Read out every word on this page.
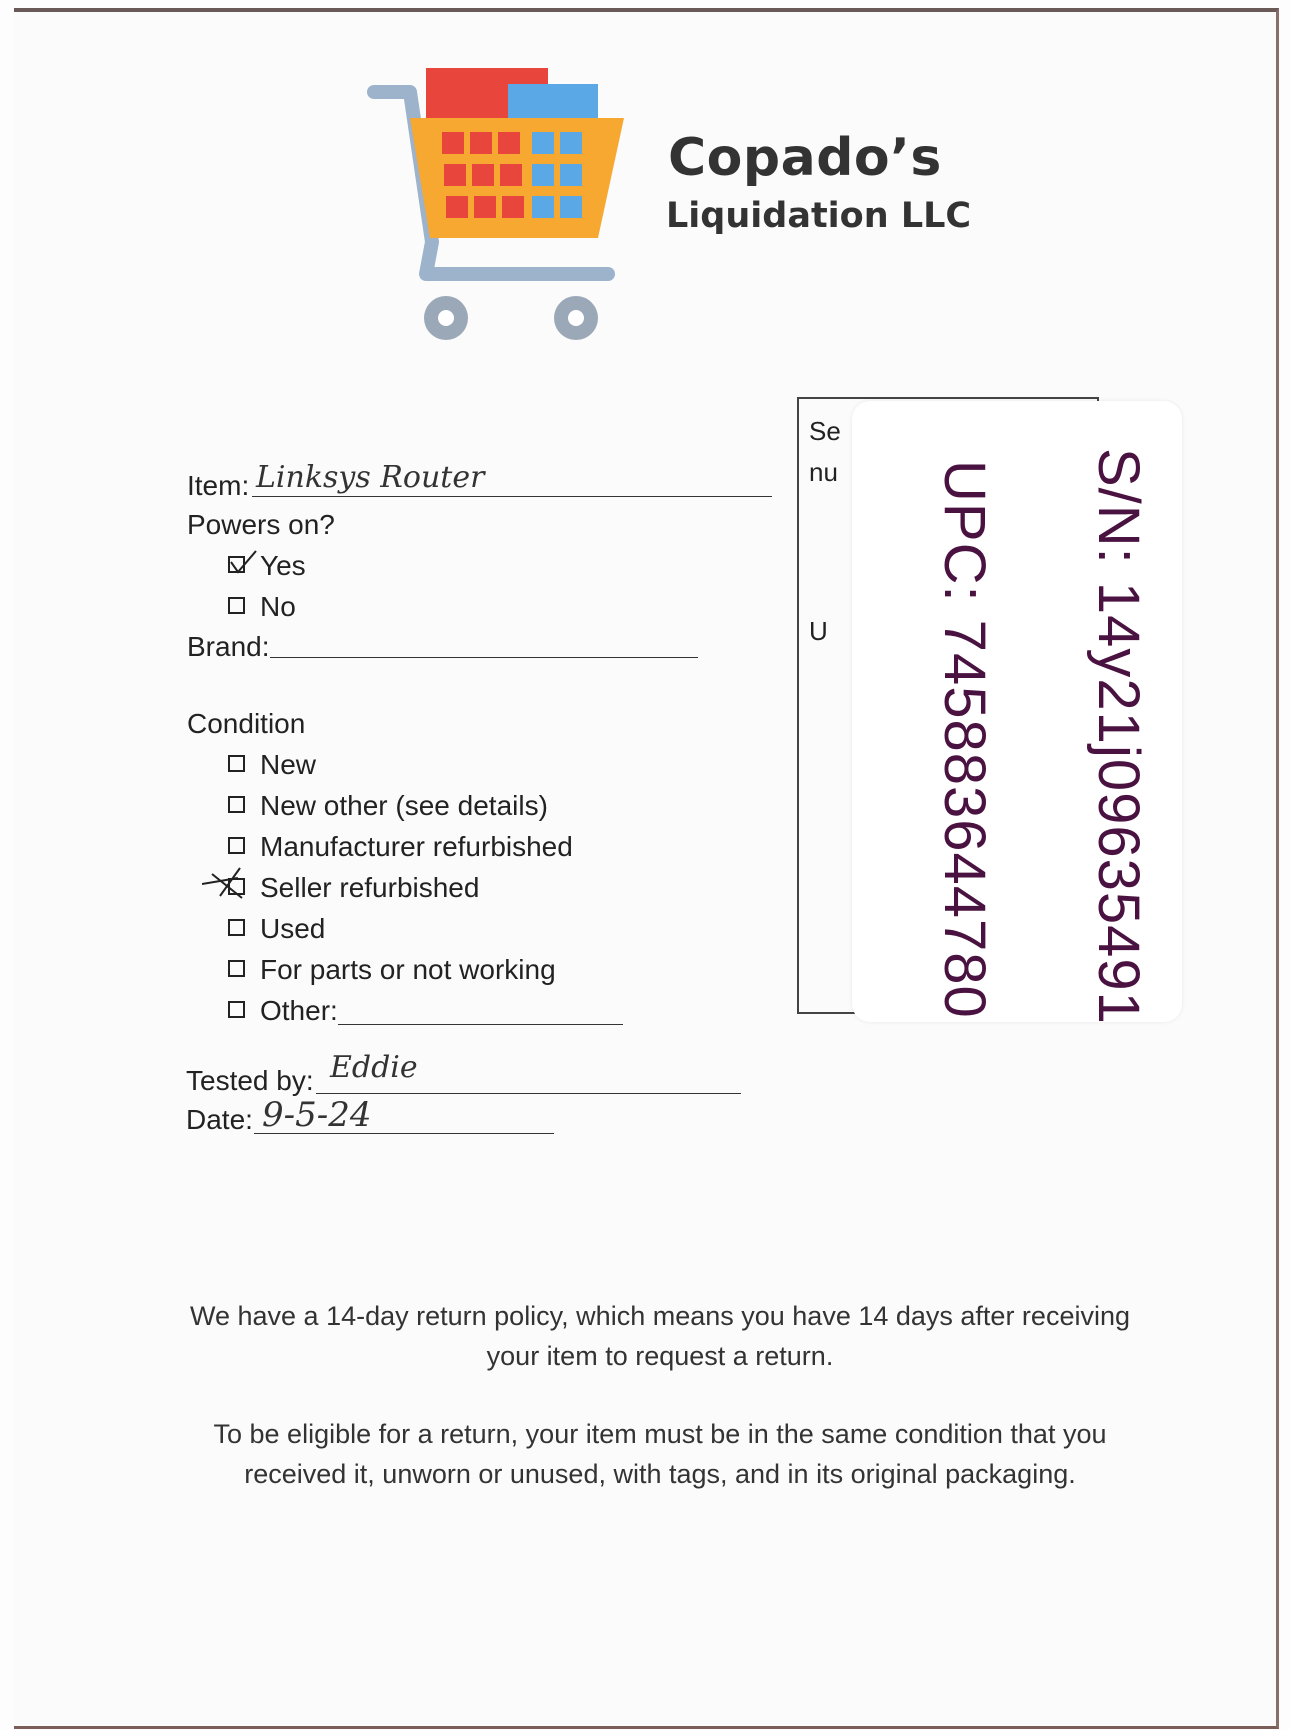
Copado’s
Liquidation LLC
Item: Linksys Router
Powers on?
Yes
No
Brand:
Condition
New
New other (see details)
Manufacturer refurbished
Seller refurbished
Used
For parts or not working
Other:
Tested by: Eddie
Date: 9-5-24
Se
nu
U	S/N: 14y21j09635491
UPC: 745883644780
We have a 14-day return policy, which means you have 14 days after receiving your item to request a return.
To be eligible for a return, your item must be in the same condition that you received it, unworn or unused, with tags, and in its original packaging.
